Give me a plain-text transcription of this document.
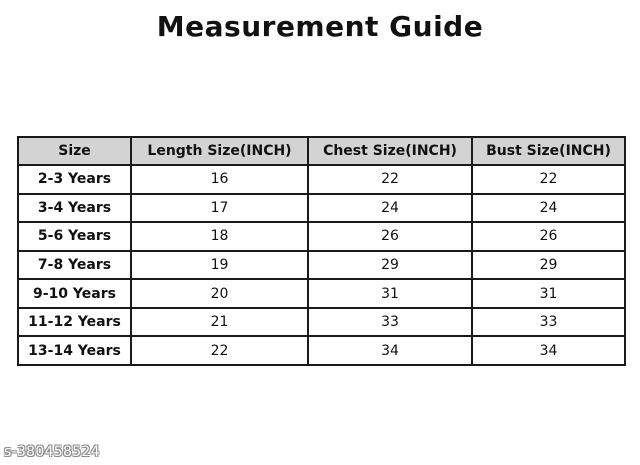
Measurement Guide
Size	Length Size(INCH)	Chest Size(INCH)	Bust Size(INCH)
2-3 Years	16	22	22
3-4 Years	17	24	24
5-6 Years	18	26	26
7-8 Years	19	29	29
9-10 Years	20	31	31
11-12 Years	21	33	33
13-14 Years	22	34	34
s-380458524
